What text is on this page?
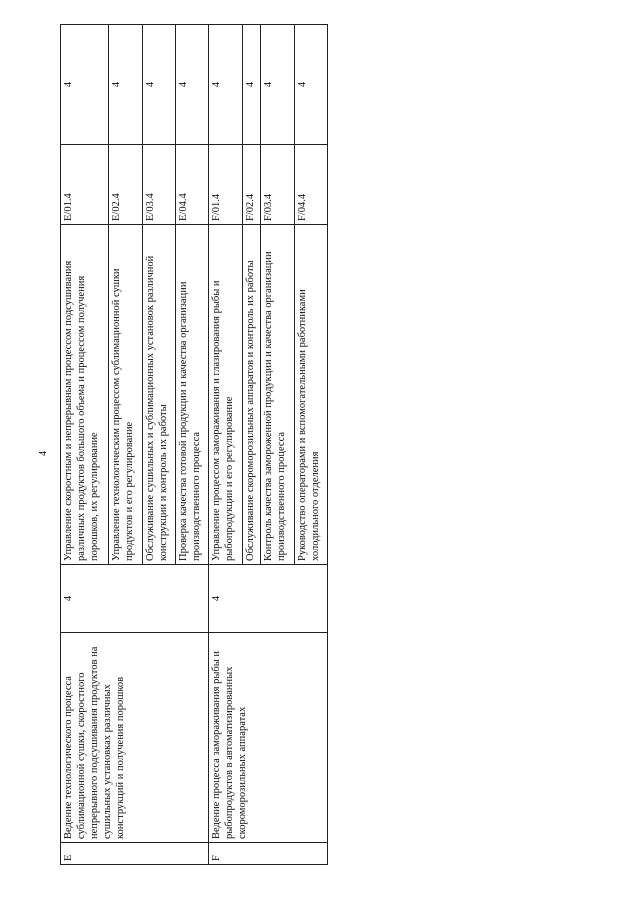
4
E	Ведение технологического процесса сублимационной сушки, скоростного непрерывного подсушивания продуктов на сушильных установках различных конструкций и получения порошков	4	Управление скоростным и непрерывным процессом подсушивания различных продуктов большого объема и процессом получения порошков, их регулирование	E/01.4	4
			Управление технологическим процессом сублимационной сушки продуктов и его регулирование	E/02.4	4
			Обслуживание сушильных и сублимационных установок различной конструкции и контроль их работы	E/03.4	4
			Проверка качества готовой продукции и качества организации производственного процесса	E/04.4	4
F	Ведение процесса замораживания рыбы и рыбопродуктов в автоматизированных скороморозильных аппаратах	4	Управление процессом замораживания и глазирования рыбы и рыбопродукции и его регулирование	F/01.4	4
			Обслуживание скороморозильных аппаратов и контроль их работы	F/02.4	4
			Контроль качества замороженной продукции и качества организации производственного процесса	F/03.4	4
			Руководство операторами и вспомогательными работниками холодильного отделения	F/04.4	4
